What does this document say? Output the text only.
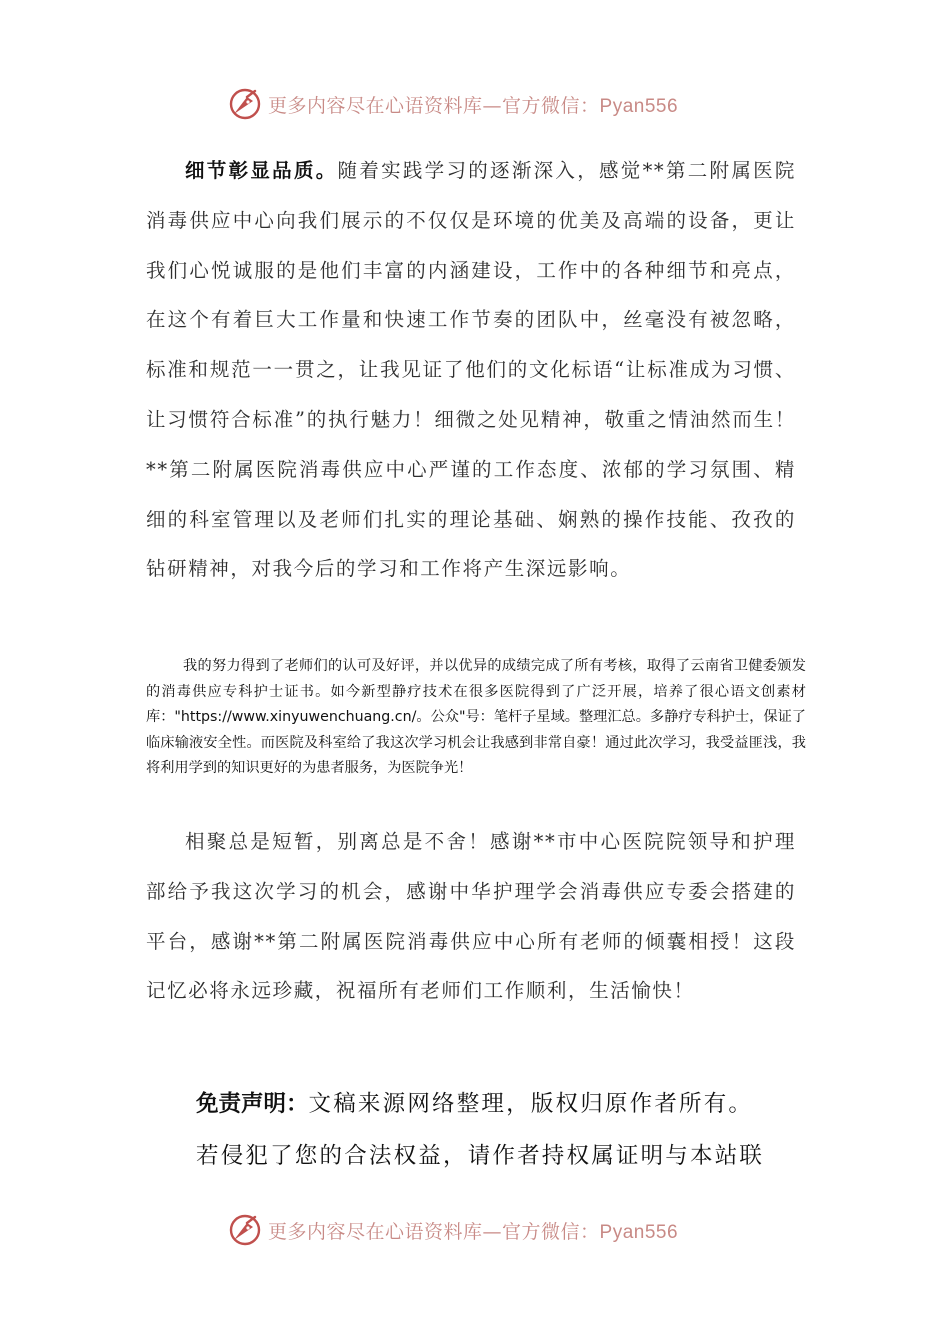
更多内容尽在心语资料库—官方微信：Pyan556

细节彰显品质。随着实践学习的逐渐深入，感觉**第二附属医院消毒供应中心向我们展示的不仅仅是环境的优美及高端的设备，更让我们心悦诚服的是他们丰富的内涵建设，工作中的各种细节和亮点，在这个有着巨大工作量和快速工作节奏的团队中，丝毫没有被忽略，标准和规范一一贯之，让我见证了他们的文化标语“让标准成为习惯、让习惯符合标准”的执行魅力！细微之处见精神，敬重之情油然而生！**第二附属医院消毒供应中心严谨的工作态度、浓郁的学习氛围、精细的科室管理以及老师们扎实的理论基础、娴熟的操作技能、孜孜的钻研精神，对我今后的学习和工作将产生深远影响。

我的努力得到了老师们的认可及好评，并以优异的成绩完成了所有考核，取得了云南省卫健委颁发的消毒供应专科护士证书。如今新型静疗技术在很多医院得到了广泛开展，培养了很心语文创素材库："https://www.xinyuwenchuang.cn/。公众"号：笔杆子星域。整理汇总。多静疗专科护士，保证了临床输液安全性。而医院及科室给了我这次学习机会让我感到非常自豪！通过此次学习，我受益匪浅，我将利用学到的知识更好的为患者服务，为医院争光！

相聚总是短暂，别离总是不舍！感谢**市中心医院院领导和护理部给予我这次学习的机会，感谢中华护理学会消毒供应专委会搭建的平台，感谢**第二附属医院消毒供应中心所有老师的倾囊相授！这段记忆必将永远珍藏，祝福所有老师们工作顺利，生活愉快！

免责声明：文稿来源网络整理，版权归原作者所有。
若侵犯了您的合法权益，请作者持权属证明与本站联
更多内容尽在心语资料库—官方微信：Pyan556
